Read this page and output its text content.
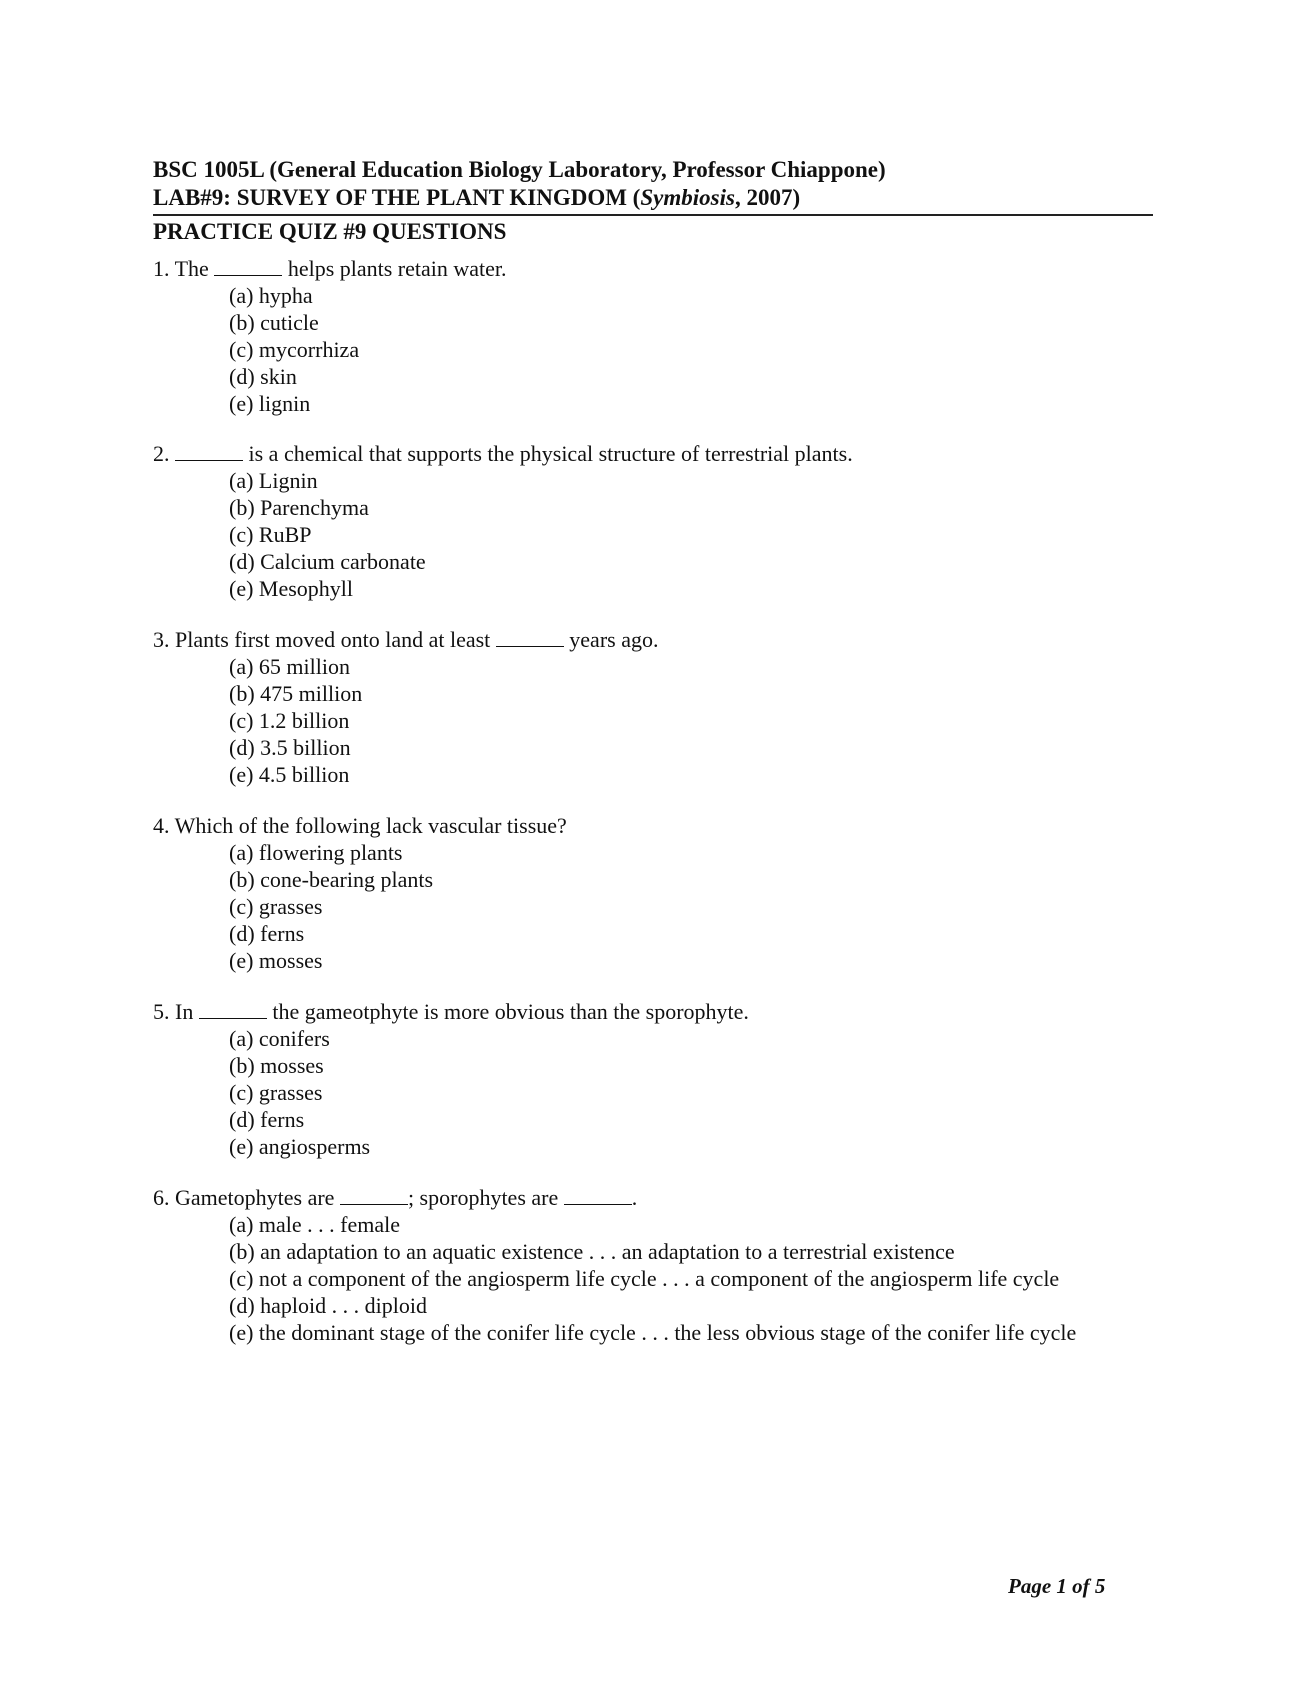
BSC 1005L (General Education Biology Laboratory, Professor Chiappone)
LAB#9: SURVEY OF THE PLANT KINGDOM (Symbiosis, 2007)
PRACTICE QUIZ #9 QUESTIONS
1. The	helps plants retain water.
(a) hypha
(b) cuticle
(c) mycorrhiza
(d) skin
(e) lignin
2.	is a chemical that supports the physical structure of terrestrial plants.
(a) Lignin
(b) Parenchyma
(c) RuBP
(d) Calcium carbonate
(e) Mesophyll
3. Plants first moved onto land at least	years ago.
(a) 65 million
(b) 475 million
(c) 1.2 billion
(d) 3.5 billion
(e) 4.5 billion
4. Which of the following lack vascular tissue?
(a) flowering plants
(b) cone-bearing plants
(c) grasses
(d) ferns
(e) mosses
5. In	the gameotphyte is more obvious than the sporophyte.
(a) conifers
(b) mosses
(c) grasses
(d) ferns
(e) angiosperms
6. Gametophytes are	; sporophytes are	.
(a) male . . . female
(b) an adaptation to an aquatic existence . . . an adaptation to a terrestrial existence
(c) not a component of the angiosperm life cycle . . . a component of the angiosperm life cycle
(d) haploid . . . diploid
(e) the dominant stage of the conifer life cycle . . . the less obvious stage of the conifer life cycle
Page 1 of 5
